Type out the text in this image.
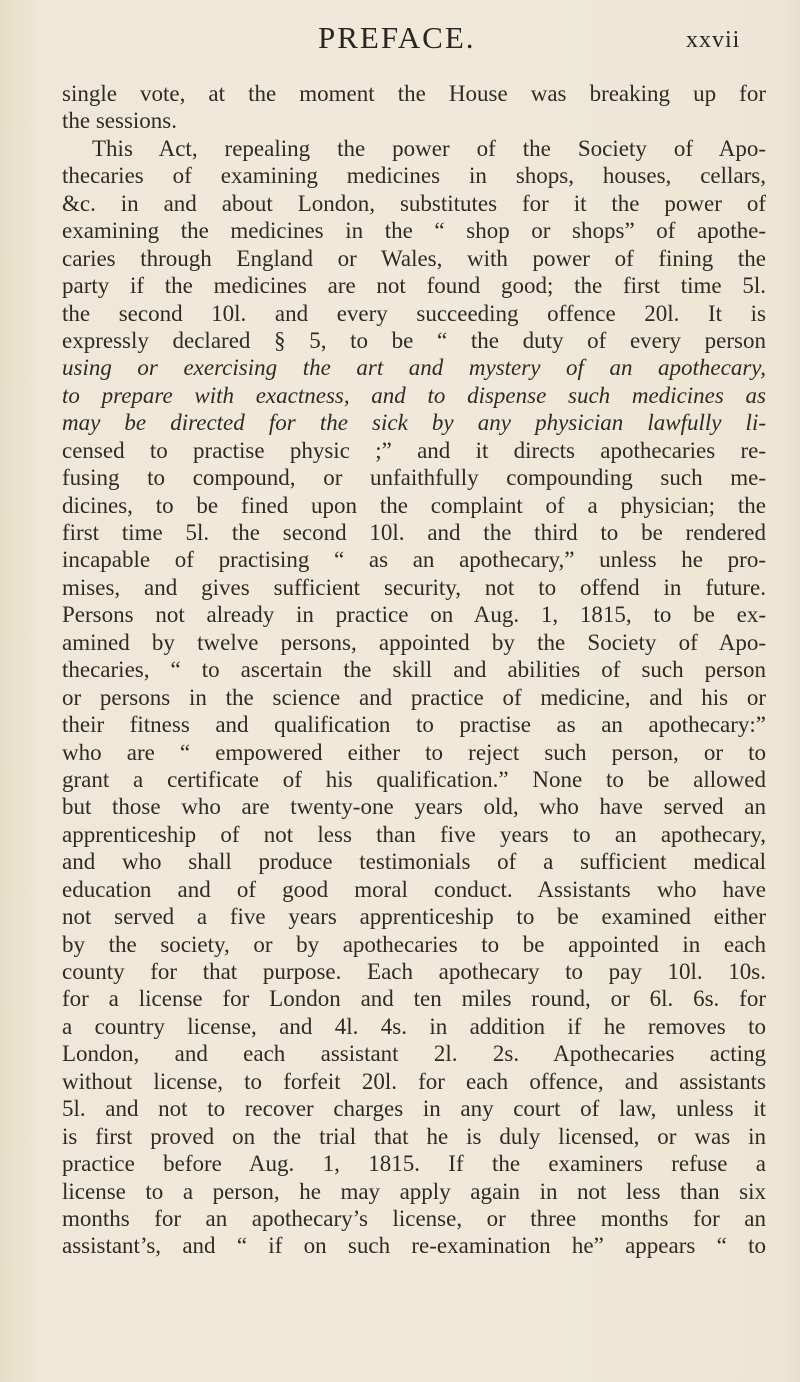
PREFACE.	xxvii
single vote, at the moment the House was breaking up for
the sessions.
This Act, repealing the power of the Society of Apo-
thecaries of examining medicines in shops, houses, cellars,
&c. in and about London, substitutes for it the power of
examining the medicines in the “ shop or shops” of apothe-
caries through England or Wales, with power of fining the
party if the medicines are not found good; the first time 5l.
the second 10l. and every succeeding offence 20l. It is
expressly declared § 5, to be “ the duty of every person
using or exercising the art and mystery of an apothecary,
to prepare with exactness, and to dispense such medicines as
may be directed for the sick by any physician lawfully li-
censed to practise physic ;” and it directs apothecaries re-
fusing to compound, or unfaithfully compounding such me-
dicines, to be fined upon the complaint of a physician; the
first time 5l. the second 10l. and the third to be rendered
incapable of practising “ as an apothecary,” unless he pro-
mises, and gives sufficient security, not to offend in future.
Persons not already in practice on Aug. 1, 1815, to be ex-
amined by twelve persons, appointed by the Society of Apo-
thecaries, “ to ascertain the skill and abilities of such person
or persons in the science and practice of medicine, and his or
their fitness and qualification to practise as an apothecary:”
who are “ empowered either to reject such person, or to
grant a certificate of his qualification.” None to be allowed
but those who are twenty-one years old, who have served an
apprenticeship of not less than five years to an apothecary,
and who shall produce testimonials of a sufficient medical
education and of good moral conduct. Assistants who have
not served a five years apprenticeship to be examined either
by the society, or by apothecaries to be appointed in each
county for that purpose. Each apothecary to pay 10l. 10s.
for a license for London and ten miles round, or 6l. 6s. for
a country license, and 4l. 4s. in addition if he removes to
London, and each assistant 2l. 2s. Apothecaries acting
without license, to forfeit 20l. for each offence, and assistants
5l. and not to recover charges in any court of law, unless it
is first proved on the trial that he is duly licensed, or was in
practice before Aug. 1, 1815. If the examiners refuse a
license to a person, he may apply again in not less than six
months for an apothecary’s license, or three months for an
assistant’s, and “ if on such re-examination he” appears “ to
